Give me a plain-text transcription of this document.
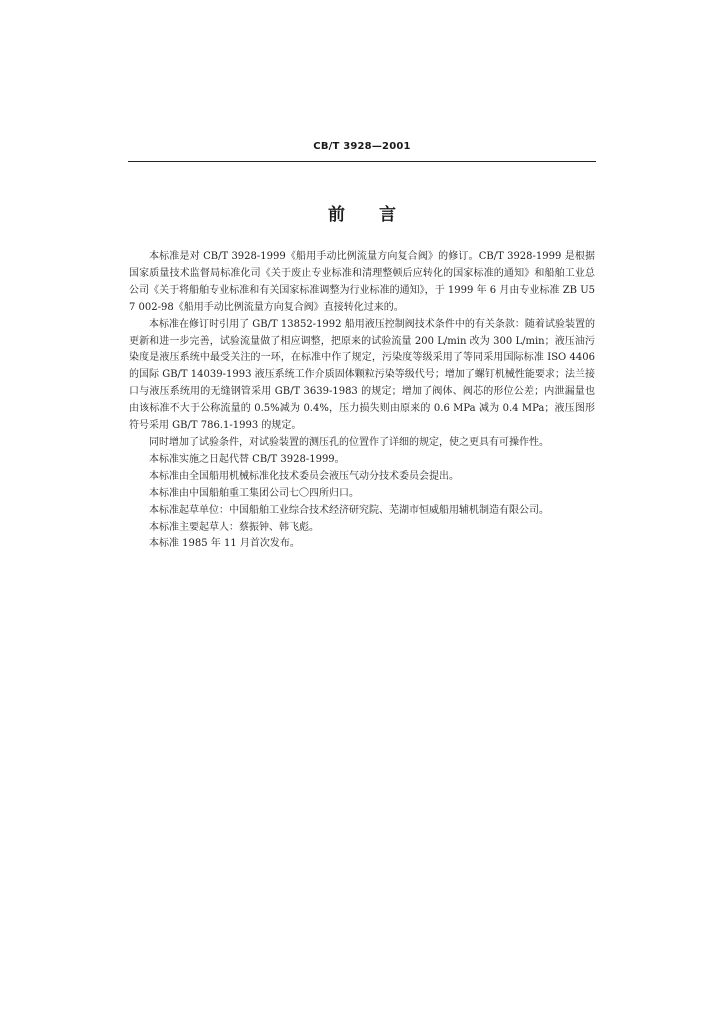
CB/T 3928—2001
前 言

本标准是对 CB/T 3928-1999《船用手动比例流量方向复合阀》的修订。CB/T 3928-1999 是根据国家质量技术监督局标准化司《关于废止专业标准和清理整顿后应转化的国家标准的通知》和船舶工业总公司《关于将船舶专业标准和有关国家标准调整为行业标准的通知》，于 1999 年 6 月由专业标准 ZB U57 002-98《船用手动比例流量方向复合阀》直接转化过来的。

本标准在修订时引用了 GB/T 13852-1992 船用液压控制阀技术条件中的有关条款：随着试验装置的更新和进一步完善，试验流量做了相应调整，把原来的试验流量 200 L/min 改为 300 L/min；液压油污染度是液压系统中最受关注的一环，在标准中作了规定，污染度等级采用了等同采用国际标准 ISO 4406 的国际 GB/T 14039-1993 液压系统工作介质固体颗粒污染等级代号；增加了螺钉机械性能要求；法兰接口与液压系统用的无缝钢管采用 GB/T 3639-1983 的规定；增加了阀体、阀芯的形位公差；内泄漏量也由该标准不大于公称流量的 0.5%减为 0.4%，压力损失则由原来的 0.6 MPa 减为 0.4 MPa；液压图形符号采用 GB/T 786.1-1993 的规定。

同时增加了试验条件，对试验装置的测压孔的位置作了详细的规定，使之更具有可操作性。

本标准实施之日起代替 CB/T 3928-1999。

本标准由全国船用机械标准化技术委员会液压气动分技术委员会提出。

本标准由中国船舶重工集团公司七〇四所归口。

本标准起草单位：中国船舶工业综合技术经济研究院、芜湖市恒威船用辅机制造有限公司。

本标准主要起草人：蔡振钟、韩飞彪。

本标准 1985 年 11 月首次发布。
